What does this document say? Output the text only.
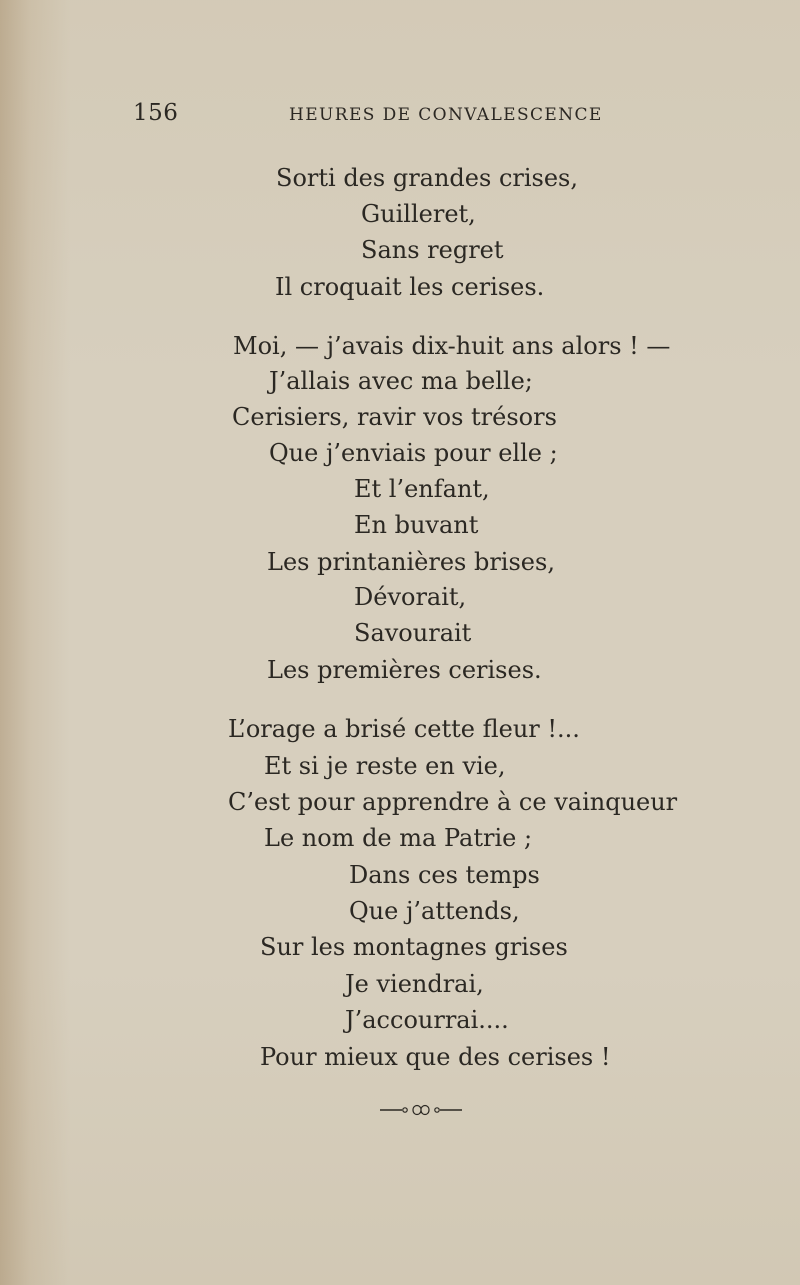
156	HEURES DE CONVALESCENCE
Sorti des grandes crises,
Guilleret,
Sans regret
Il croquait les cerises.
Moi, — j’avais dix-huit ans alors ! —
J’allais avec ma belle;
Cerisiers, ravir vos trésors
Que j’enviais pour elle ;
Et l’enfant,
En buvant
Les printanières brises,
Dévorait,
Savourait
Les premières cerises.
L’orage a brisé cette fleur !...
Et si je reste en vie,
C’est pour apprendre à ce vainqueur
Le nom de ma Patrie ;
Dans ces temps
Que j’attends,
Sur les montagnes grises
Je viendrai,
J’accourrai....
Pour mieux que des cerises !
